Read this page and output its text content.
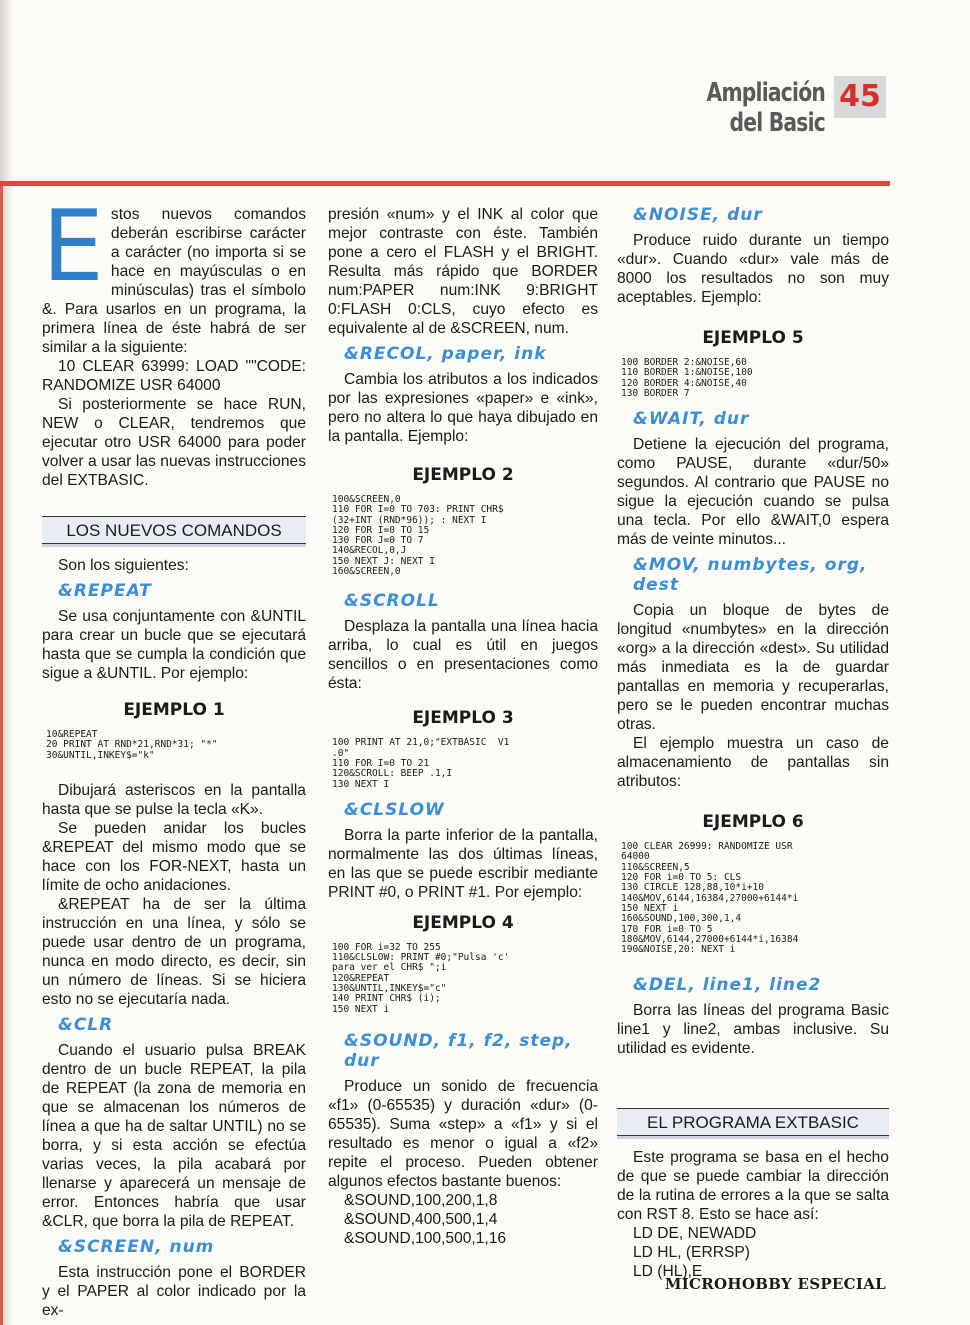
Ampliación del Basic
45

Estos nuevos comandos deberán escribirse carácter a carácter (no importa si se hace en mayúsculas o en minúsculas) tras el símbolo &. Para usarlos en un programa, la primera línea de éste habrá de ser similar a la siguiente:

10 CLEAR 63999: LOAD ""CODE: RANDOMIZE USR 64000

Si posteriormente se hace RUN, NEW o CLEAR, tendremos que ejecutar otro USR 64000 para poder volver a usar las nuevas instrucciones del EXTBASIC.

LOS NUEVOS COMANDOS

Son los siguientes:

&REPEAT

Se usa conjuntamente con &UNTIL para crear un bucle que se ejecutará hasta que se cumpla la condición que sigue a &UNTIL. Por ejemplo:

EJEMPLO 1
10&REPEAT
20 PRINT AT RND*21,RND*31; "*"
30&UNTIL,INKEY$="k"

Dibujará asteriscos en la pantalla hasta que se pulse la tecla «K».

Se pueden anidar los bucles &REPEAT del mismo modo que se hace con los FOR-NEXT, hasta un límite de ocho anidaciones.

&REPEAT ha de ser la última instrucción en una línea, y sólo se puede usar dentro de un programa, nunca en modo directo, es decir, sin un número de líneas. Si se hiciera esto no se ejecutaría nada.

&CLR

Cuando el usuario pulsa BREAK dentro de un bucle REPEAT, la pila de REPEAT (la zona de memoria en que se almacenan los números de línea a que ha de saltar UNTIL) no se borra, y si esta acción se efectúa varias veces, la pila acabará por llenarse y aparecerá un mensaje de error. Entonces habría que usar &CLR, que borra la pila de REPEAT.

&SCREEN, num

Esta instrucción pone el BORDER y el PAPER al color indicado por la ex-

presión «num» y el INK al color que mejor contraste con éste. También pone a cero el FLASH y el BRIGHT. Resulta más rápido que BORDER num:PAPER num:INK 9:BRIGHT 0:FLASH 0:CLS, cuyo efecto es equivalente al de &SCREEN, num.

&RECOL, paper, ink

Cambia los atributos a los indicados por las expresiones «paper» e «ink», pero no altera lo que haya dibujado en la pantalla. Ejemplo:

EJEMPLO 2
100&SCREEN,0
110 FOR I=0 TO 703: PRINT CHR$
(32+INT (RND*96)); : NEXT I
120 FOR I=0 TO 15
130 FOR J=0 TO 7
140&RECOL,0,J
150 NEXT J: NEXT I
160&SCREEN,0
&SCROLL

Desplaza la pantalla una línea hacia arriba, lo cual es útil en juegos sencillos o en presentaciones como ésta:

EJEMPLO 3
100 PRINT AT 21,0;"EXTBASIC  V1
.0"
110 FOR I=0 TO 21
120&SCROLL: BEEP .1,I
130 NEXT I
&CLSLOW

Borra la parte inferior de la pantalla, normalmente las dos últimas líneas, en las que se puede escribir mediante PRINT #0, o PRINT #1. Por ejemplo:

EJEMPLO 4
100 FOR i=32 TO 255
110&CLSLOW: PRINT #0;"Pulsa 'c'
para ver el CHR$ ";i
120&REPEAT
130&UNTIL,INKEY$="c"
140 PRINT CHR$ (i);
150 NEXT i
&SOUND, f1, f2, step, dur

Produce un sonido de frecuencia «f1» (0-65535) y duración «dur» (0-65535). Suma «step» a «f1» y si el resultado es menor o igual a «f2» repite el proceso. Pueden obtener algunos efectos bastante buenos:

&SOUND,100,200,1,8

&SOUND,400,500,1,4

&SOUND,100,500,1,16

&NOISE, dur

Produce ruido durante un tiempo «dur». Cuando «dur» vale más de 8000 los resultados no son muy aceptables. Ejemplo:

EJEMPLO 5
100 BORDER 2:&NOISE,60
110 BORDER 1:&NOISE,100
120 BORDER 4:&NOISE,40
130 BORDER 7
&WAIT, dur

Detiene la ejecución del programa, como PAUSE, durante «dur/50» segundos. Al contrario que PAUSE no sigue la ejecución cuando se pulsa una tecla. Por ello &WAIT,0 espera más de veinte minutos...

&MOV, numbytes, org, dest

Copia un bloque de bytes de longitud «numbytes» en la dirección «org» a la dirección «dest». Su utilidad más inmediata es la de guardar pantallas en memoria y recuperarlas, pero se le pueden encontrar muchas otras.

El ejemplo muestra un caso de almacenamiento de pantallas sin atributos:

EJEMPLO 6
100 CLEAR 26999: RANDOMIZE USR
64000
110&SCREEN,5
120 FOR i=0 TO 5: CLS
130 CIRCLE 128,88,10*i+10
140&MOV,6144,16384,27000+6144*i
150 NEXT i
160&SOUND,100,300,1,4
170 FOR i=0 TO 5
180&MOV,6144,27000+6144*i,16384
190&NOISE,20: NEXT i
&DEL, line1, line2

Borra las líneas del programa Basic line1 y line2, ambas inclusive. Su utilidad es evidente.

EL PROGRAMA EXTBASIC

Este programa se basa en el hecho de que se puede cambiar la dirección de la rutina de errores a la que se salta con RST 8. Esto se hace así:

LD DE, NEWADD

LD HL, (ERRSP)

LD (HL),E

MICROHOBBY ESPECIAL
